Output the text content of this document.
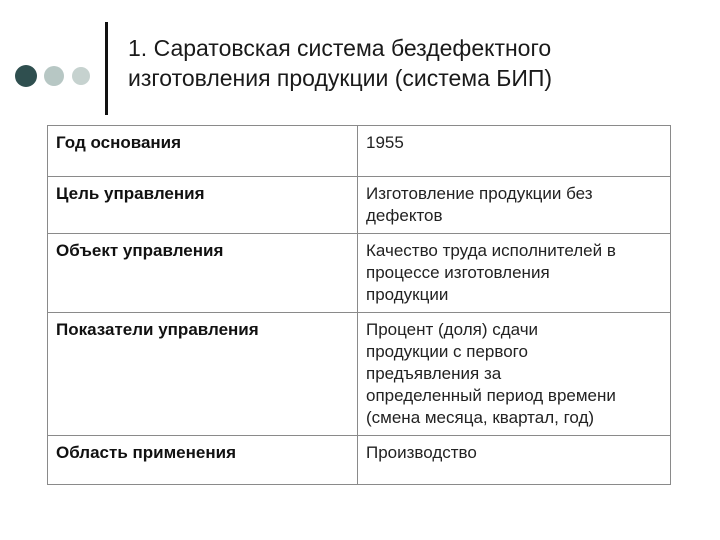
1. Саратовская система бездефектного
изготовления продукции (система БИП)
Год основания	1955

Цель управления	Изготовление продукции без
дефектов

Объект управления	Качество труда исполнителей в
процессе изготовления
продукции

Показатели управления	Процент (доля) сдачи
продукции с первого
предъявления за
определенный период времени
(смена месяца, квартал, год)

Область применения	Производство
